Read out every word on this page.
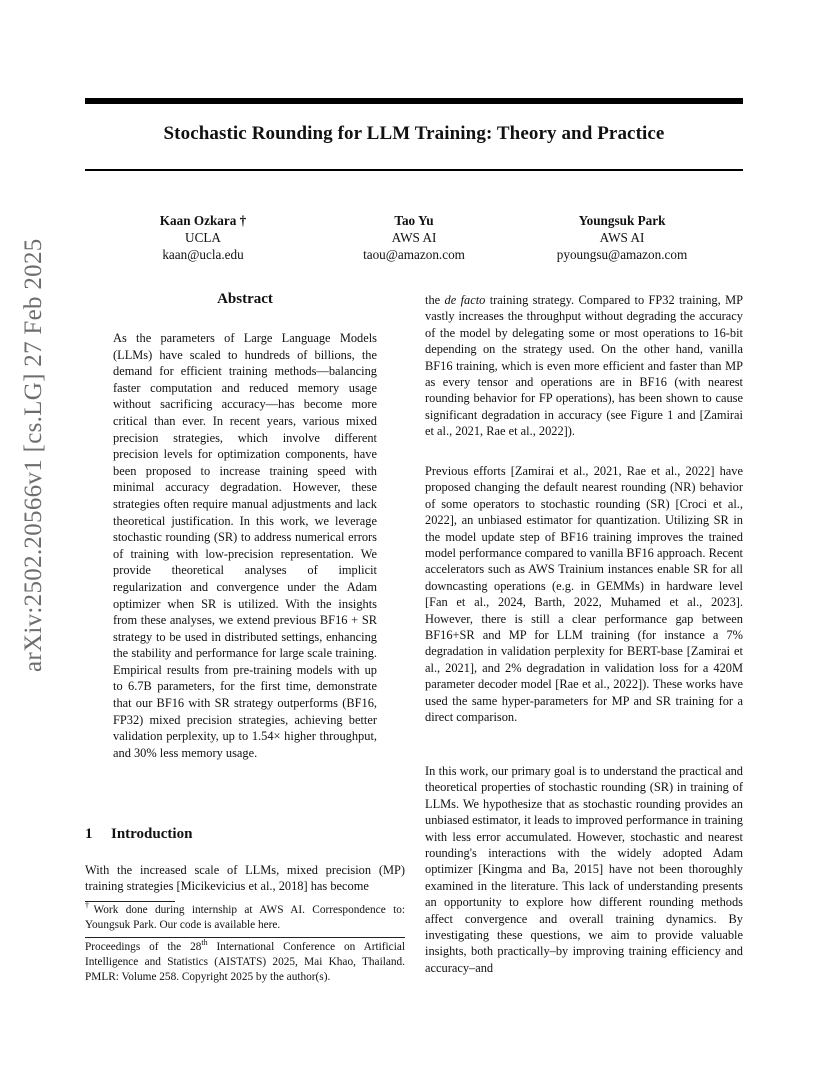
Stochastic Rounding for LLM Training: Theory and Practice
Kaan Ozkara †
UCLA
kaan@ucla.edu
Tao Yu
AWS AI
taou@amazon.com
Youngsuk Park
AWS AI
pyoungsu@amazon.com
arXiv:2502.20566v1 [cs.LG] 27 Feb 2025	Abstract
As the parameters of Large Language Models (LLMs) have scaled to hundreds of billions, the demand for efficient training methods—balancing faster computation and reduced memory usage without sacrificing accuracy—has become more critical than ever. In recent years, various mixed precision strategies, which involve different precision levels for optimization components, have been proposed to increase training speed with minimal accuracy degradation. However, these strategies often require manual adjustments and lack theoretical justification. In this work, we leverage stochastic rounding (SR) to address numerical errors of training with low-precision representation. We provide theoretical analyses of implicit regularization and convergence under the Adam optimizer when SR is utilized. With the insights from these analyses, we extend previous BF16 + SR strategy to be used in distributed settings, enhancing the stability and performance for large scale training. Empirical results from pre-training models with up to 6.7B parameters, for the first time, demonstrate that our BF16 with SR strategy outperforms (BF16, FP32) mixed precision strategies, achieving better validation perplexity, up to 1.54× higher throughput, and 30% less memory usage.
1 Introduction
With the increased scale of LLMs, mixed precision (MP) training strategies [Micikevicius et al., 2018] has become
†Work done during internship at AWS AI. Correspondence to: Youngsuk Park. Our code is available here.
Proceedings of the 28th International Conference on Artificial Intelligence and Statistics (AISTATS) 2025, Mai Khao, Thailand. PMLR: Volume 258. Copyright 2025 by the author(s).
the de facto training strategy. Compared to FP32 training, MP vastly increases the throughput without degrading the accuracy of the model by delegating some or most operations to 16-bit depending on the strategy used. On the other hand, vanilla BF16 training, which is even more efficient and faster than MP as every tensor and operations are in BF16 (with nearest rounding behavior for FP operations), has been shown to cause significant degradation in accuracy (see Figure 1 and [Zamirai et al., 2021, Rae et al., 2022]).
Previous efforts [Zamirai et al., 2021, Rae et al., 2022] have proposed changing the default nearest rounding (NR) behavior of some operators to stochastic rounding (SR) [Croci et al., 2022], an unbiased estimator for quantization. Utilizing SR in the model update step of BF16 training improves the trained model performance compared to vanilla BF16 approach. Recent accelerators such as AWS Trainium instances enable SR for all downcasting operations (e.g. in GEMMs) in hardware level [Fan et al., 2024, Barth, 2022, Muhamed et al., 2023]. However, there is still a clear performance gap between BF16+SR and MP for LLM training (for instance a 7% degradation in validation perplexity for BERT-base [Zamirai et al., 2021], and 2% degradation in validation loss for a 420M parameter decoder model [Rae et al., 2022]). These works have used the same hyper-parameters for MP and SR training for a direct comparison.
In this work, our primary goal is to understand the practical and theoretical properties of stochastic rounding (SR) in training of LLMs. We hypothesize that as stochastic rounding provides an unbiased estimator, it leads to improved performance in training with less error accumulated. However, stochastic and nearest rounding's interactions with the widely adopted Adam optimizer [Kingma and Ba, 2015] have not been thoroughly examined in the literature. This lack of understanding presents an opportunity to explore how different rounding methods affect convergence and overall training dynamics. By investigating these questions, we aim to provide valuable insights, both practically–by improving training efficiency and accuracy–and
